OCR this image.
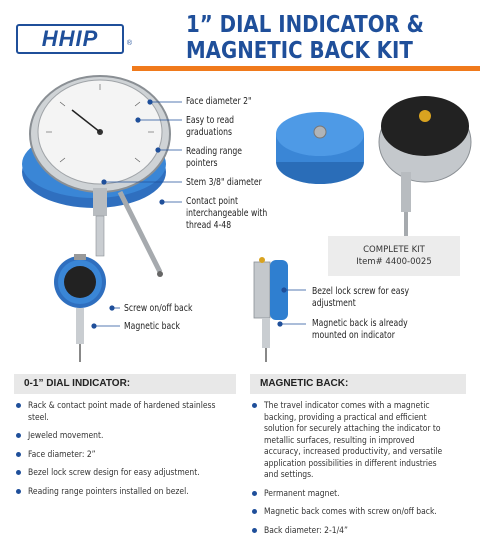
HHIP	®
1” DIAL INDICATOR &
MAGNETIC BACK KIT
Face diameter 2"
Easy to read
graduations
Reading range
pointers
Stem 3/8" diameter
Contact point
interchangeable with
thread 4-48
Screw on/off back
Magnetic back
Bezel lock screw for easy
adjustment
Magnetic back is already
mounted on indicator
COMPLETE KIT
Item# 4400-0025
0-1” DIAL INDICATOR:
Rack & contact point made of hardened stainless steel.
Jeweled movement.
Face diameter: 2”
Bezel lock screw design for easy adjustment.
Reading range pointers installed on bezel.
MAGNETIC BACK:
The travel indicator comes with a magnetic backing, providing a practical and efficient solution for securely attaching the indicator to metallic surfaces, resulting in improved accuracy, increased productivity, and versatile application possibilities in different industries and settings.
Permanent magnet.
Magnetic back comes with screw on/off back.
Back diameter: 2-1/4”
